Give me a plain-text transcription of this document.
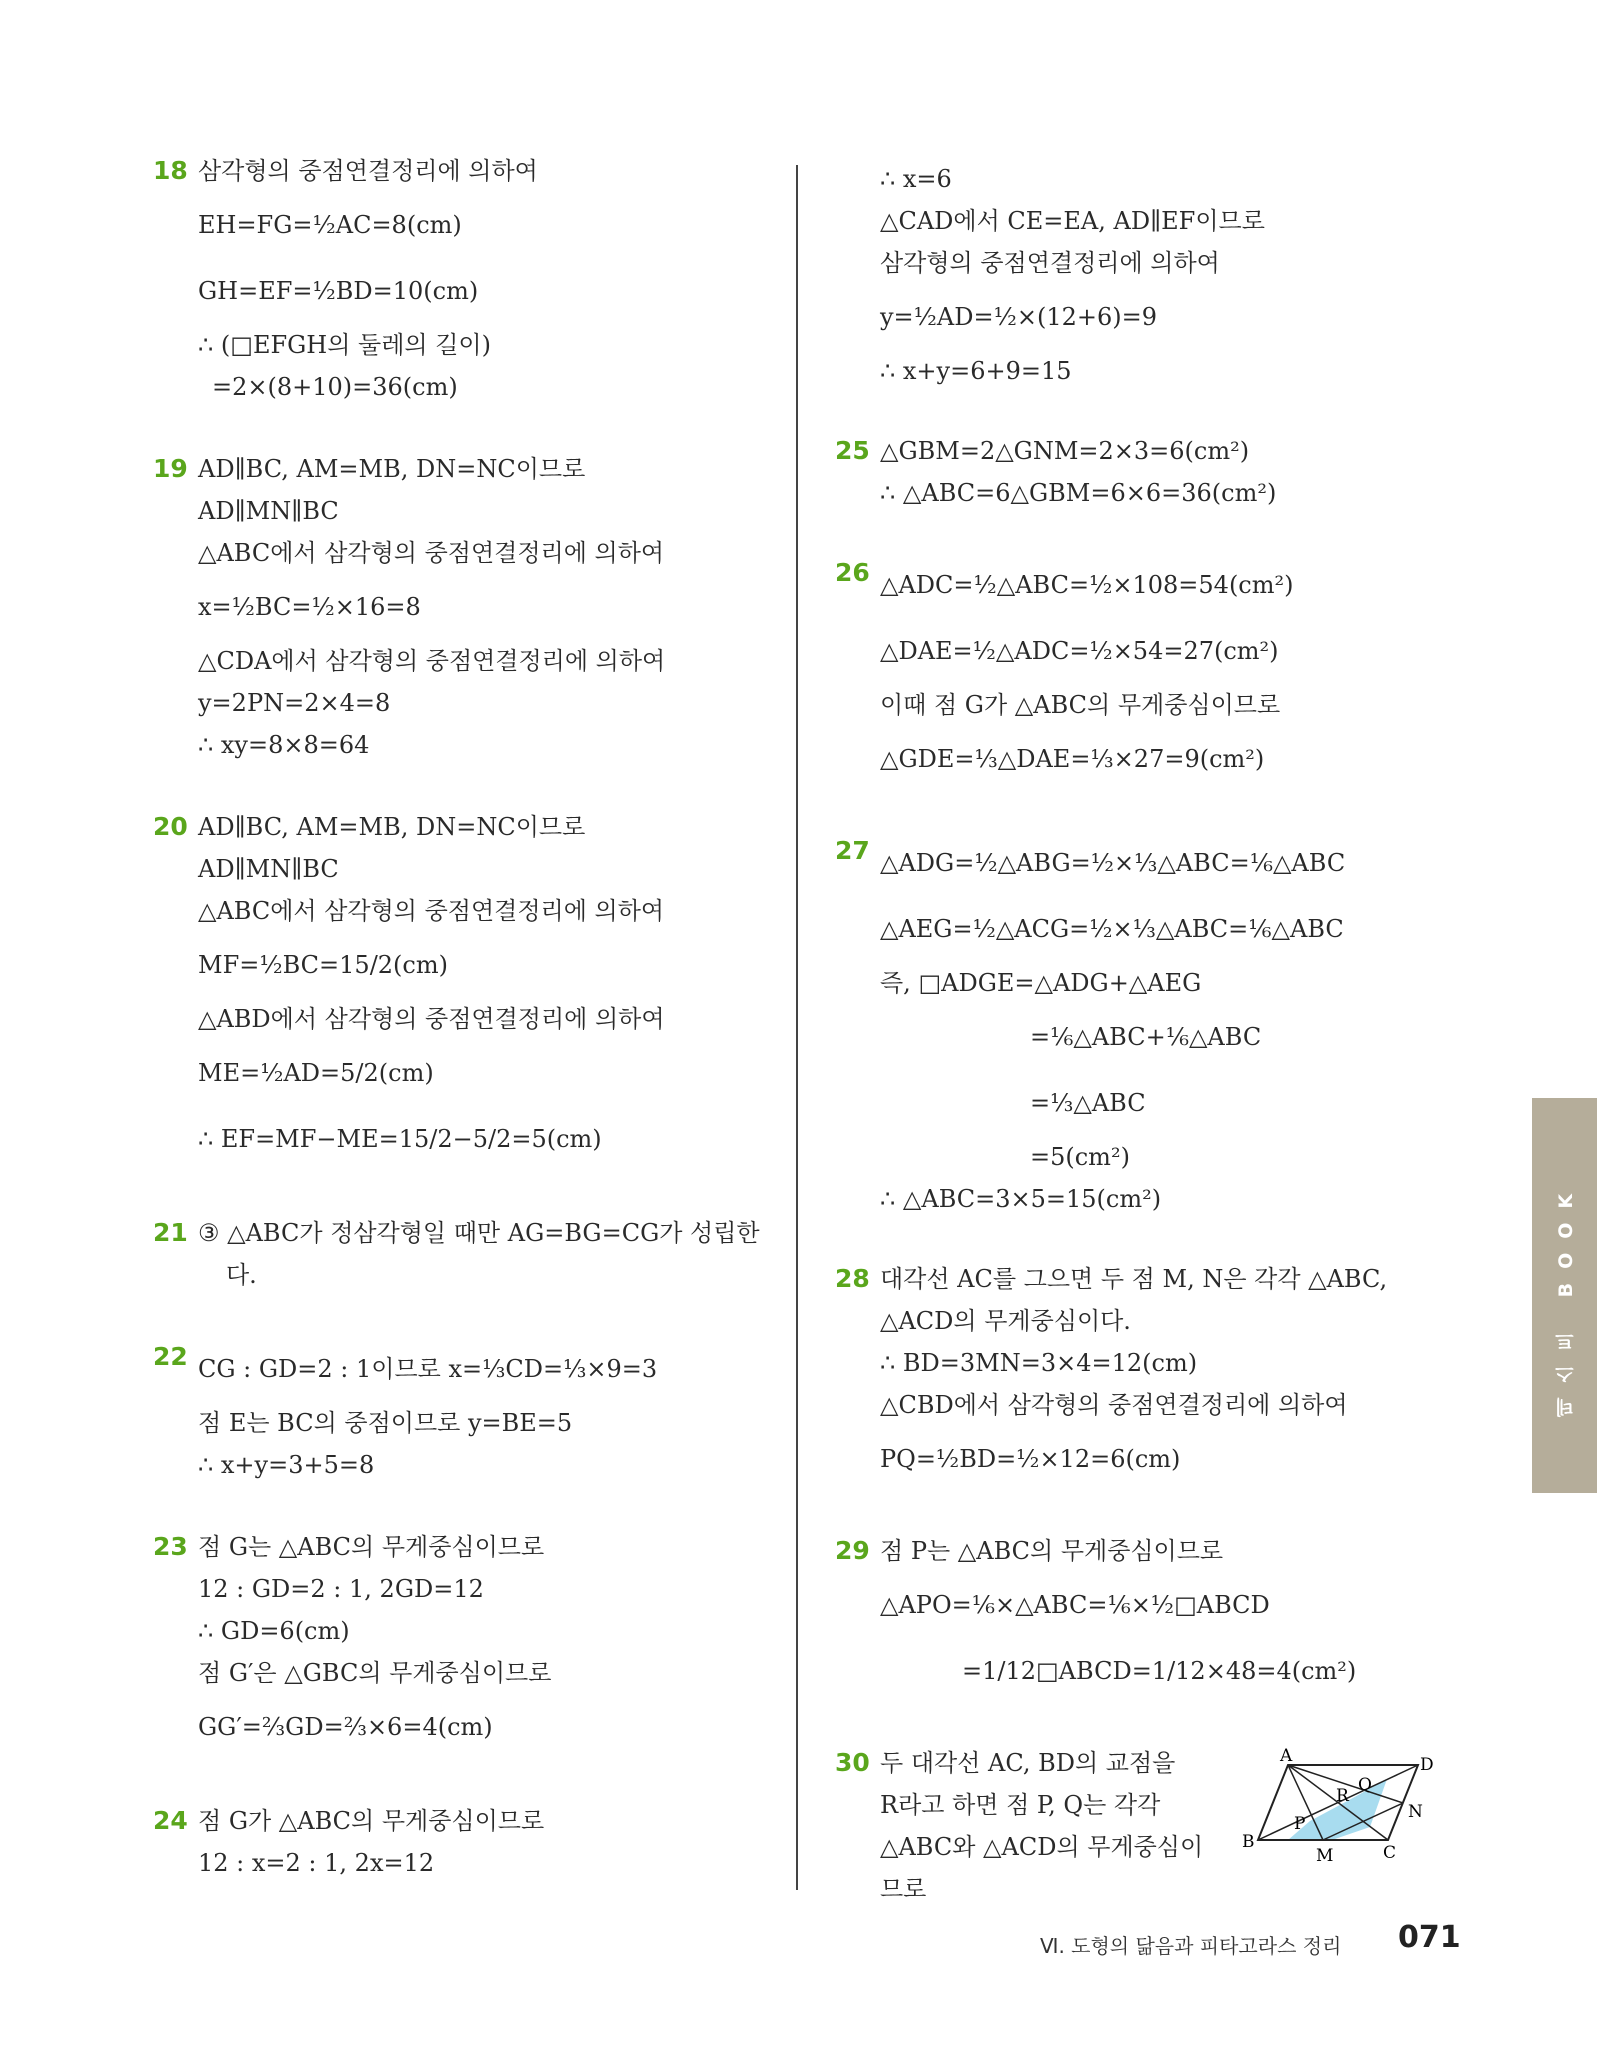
18 삼각형의 중점연결정리에 의하여
EH=FG=½AC=8(cm)
GH=EF=½BD=10(cm)
∴ (□EFGH의 둘레의 길이)
=2×(8+10)=36(cm)
19 AD∥BC, AM=MB, DN=NC이므로
AD∥MN∥BC
△ABC에서 삼각형의 중점연결정리에 의하여
x=½BC=½×16=8
△CDA에서 삼각형의 중점연결정리에 의하여
y=2PN=2×4=8
∴ xy=8×8=64
20 AD∥BC, AM=MB, DN=NC이므로
AD∥MN∥BC
△ABC에서 삼각형의 중점연결정리에 의하여
MF=½BC=15/2(cm)
△ABD에서 삼각형의 중점연결정리에 의하여
ME=½AD=5/2(cm)
∴ EF=MF−ME=15/2−5/2=5(cm)
21 ③ △ABC가 정삼각형일 때만 AG=BG=CG가 성립한
다.
22 CG : GD=2 : 1이므로 x=⅓CD=⅓×9=3
점 E는 BC의 중점이므로 y=BE=5
∴ x+y=3+5=8
23 점 G는 △ABC의 무게중심이므로
12 : GD=2 : 1, 2GD=12
∴ GD=6(cm)
점 G′은 △GBC의 무게중심이므로
GG′=⅔GD=⅔×6=4(cm)
24 점 G가 △ABC의 무게중심이므로
12 : x=2 : 1, 2x=12
∴ x=6
△CAD에서 CE=EA, AD∥EF이므로
삼각형의 중점연결정리에 의하여
y=½AD=½×(12+6)=9
∴ x+y=6+9=15
25 △GBM=2△GNM=2×3=6(cm²)
∴ △ABC=6△GBM=6×6=36(cm²)
26 △ADC=½△ABC=½×108=54(cm²)
△DAE=½△ADC=½×54=27(cm²)
이때 점 G가 △ABC의 무게중심이므로
△GDE=⅓△DAE=⅓×27=9(cm²)
27 △ADG=½△ABG=½×⅓△ABC=⅙△ABC
△AEG=½△ACG=½×⅓△ABC=⅙△ABC
즉, □ADGE=△ADG+△AEG
=⅙△ABC+⅙△ABC
=⅓△ABC
=5(cm²)
∴ △ABC=3×5=15(cm²)
28 대각선 AC를 그으면 두 점 M, N은 각각 △ABC,
△ACD의 무게중심이다.
∴ BD=3MN=3×4=12(cm)
△CBD에서 삼각형의 중점연결정리에 의하여
PQ=½BD=½×12=6(cm)
29 점 P는 △ABC의 무게중심이므로
△APO=⅙×△ABC=⅙×½□ABCD
=1/12□ABCD=1/12×48=4(cm²)
30 두 대각선 AC, BD의 교점을
R라고 하면 점 P, Q는 각각
△ABC와 △ACD의 무게중심이
므로
A	D
B
C
P
Q
R
M
N
테스트 BOOK
Ⅵ. 도형의 닮음과 피타고라스 정리 071
